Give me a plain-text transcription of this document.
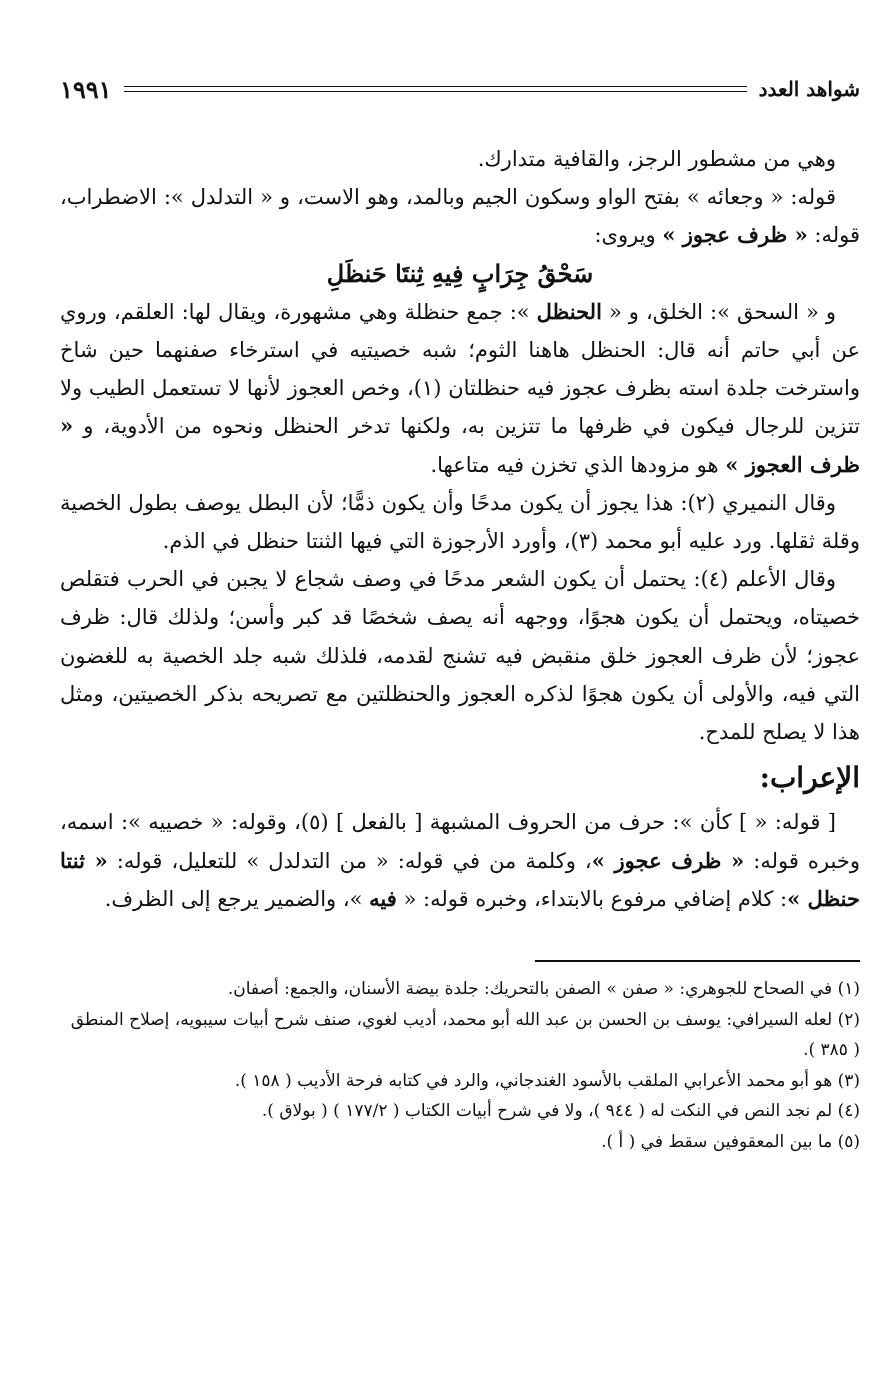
شواهد العدد
١٩٩١

وهي من مشطور الرجز، والقافية متدارك.

قوله: « وجعائه » بفتح الواو وسكون الجيم وبالمد، وهو الاست، و « التدلدل »: الاضطراب، قوله: « ظرف عجوز » ويروى:

سَحْقُ جِرَابٍ فِيهِ ثِنتَا حَنظَلِ

و « السحق »: الخلق، و « الحنظل »: جمع حنظلة وهي مشهورة، ويقال لها: العلقم، وروي عن أبي حاتم أنه قال: الحنظل هاهنا الثوم؛ شبه خصيتيه في استرخاء صفنهما حين شاخ واسترخت جلدة استه بظرف عجوز فيه حنظلتان (١)، وخص العجوز لأنها لا تستعمل الطيب ولا تتزين للرجال فيكون في ظرفها ما تتزين به، ولكنها تدخر الحنظل ونحوه من الأدوية، و « ظرف العجوز » هو مزودها الذي تخزن فيه متاعها.

وقال النميري (٢): هذا يجوز أن يكون مدحًا وأن يكون ذمًّا؛ لأن البطل يوصف بطول الخصية وقلة ثقلها. ورد عليه أبو محمد (٣)، وأورد الأرجوزة التي فيها الثنتا حنظل في الذم.

وقال الأعلم (٤): يحتمل أن يكون الشعر مدحًا في وصف شجاع لا يجبن في الحرب فتقلص خصيتاه، ويحتمل أن يكون هجوًا، ووجهه أنه يصف شخصًا قد كبر وأسن؛ ولذلك قال: ظرف عجوز؛ لأن ظرف العجوز خلق منقبض فيه تشنج لقدمه، فلذلك شبه جلد الخصية به للغضون التي فيه، والأولى أن يكون هجوًا لذكره العجوز والحنظلتين مع تصريحه بذكر الخصيتين، ومثل هذا لا يصلح للمدح.

الإعراب:

[ قوله: « ] كأن »: حرف من الحروف المشبهة [ بالفعل ] (٥)، وقوله: « خصييه »: اسمه، وخبره قوله: « ظرف عجوز »، وكلمة من في قوله: « من التدلدل » للتعليل، قوله: « ثنتا حنظل »: كلام إضافي مرفوع بالابتداء، وخبره قوله: « فيه »، والضمير يرجع إلى الظرف.

(١) في الصحاح للجوهري: « صفن » الصفن بالتحريك: جلدة بيضة الأسنان، والجمع: أصفان.

(٢) لعله السيرافي: يوسف بن الحسن بن عبد الله أبو محمد، أديب لغوي، صنف شرح أبيات سيبويه، إصلاح المنطق ( ٣٨٥ ).

(٣) هو أبو محمد الأعرابي الملقب بالأسود الغندجاني، والرد في كتابه فرحة الأديب ( ١٥٨ ).

(٤) لم نجد النص في النكت له ( ٩٤٤ )، ولا في شرح أبيات الكتاب ( ١٧٧/٢ ) ( بولاق ).

(٥) ما بين المعقوفين سقط في ( أ ).
